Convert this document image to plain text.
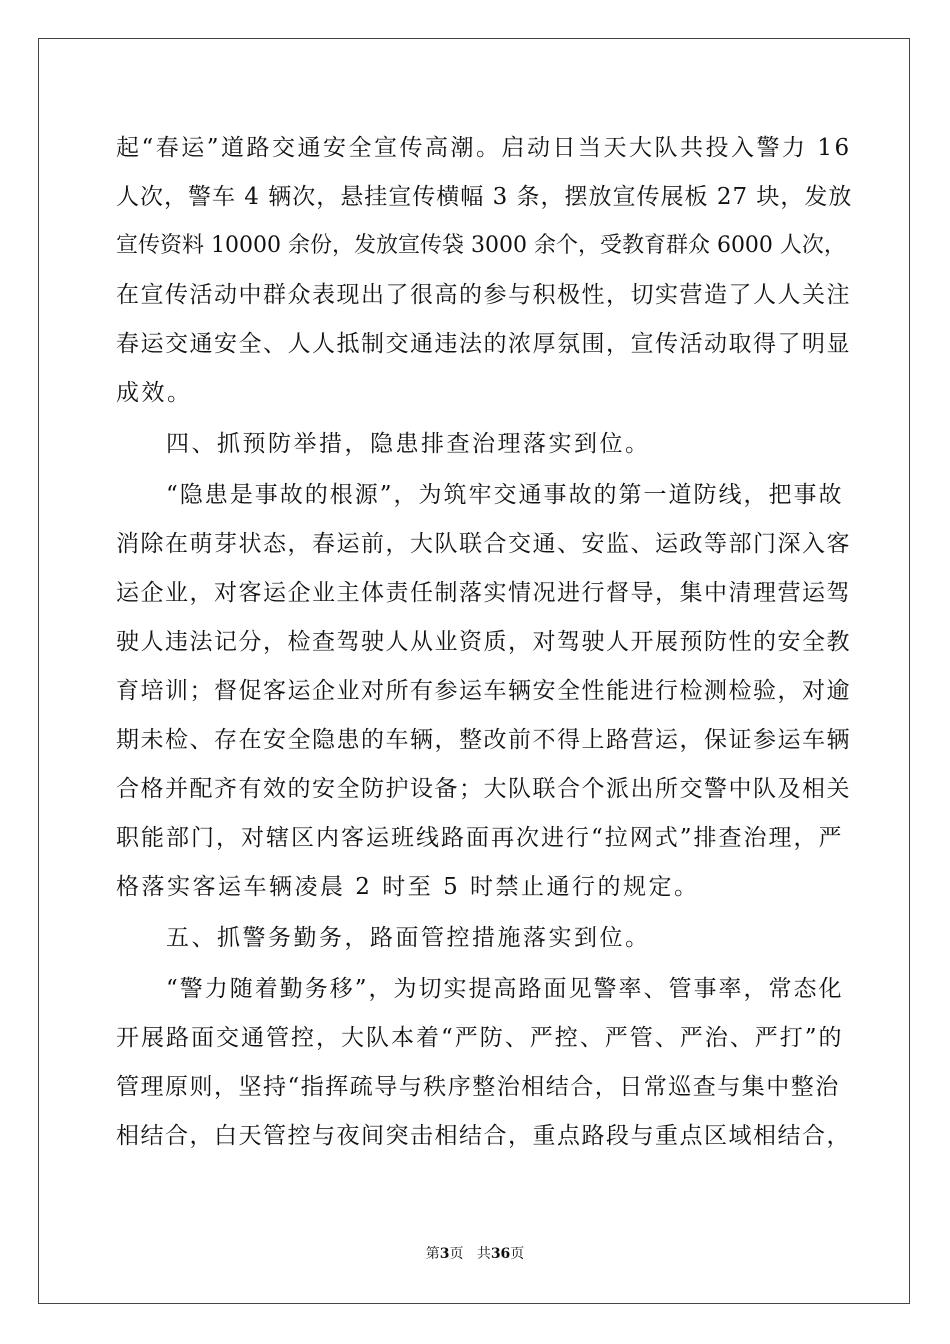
起“春运”道路交通安全宣传高潮。启动日当天大队共投入警力 16
人次，警车 4 辆次，悬挂宣传横幅 3 条，摆放宣传展板 27 块，发放
宣传资料 10000 余份，发放宣传袋 3000 余个，受教育群众 6000 人次，
在宣传活动中群众表现出了很高的参与积极性，切实营造了人人关注
春运交通安全、人人抵制交通违法的浓厚氛围，宣传活动取得了明显
成效。
四、抓预防举措，隐患排查治理落实到位。
“隐患是事故的根源”，为筑牢交通事故的第一道防线，把事故
消除在萌芽状态，春运前，大队联合交通、安监、运政等部门深入客
运企业，对客运企业主体责任制落实情况进行督导，集中清理营运驾
驶人违法记分，检查驾驶人从业资质，对驾驶人开展预防性的安全教
育培训；督促客运企业对所有参运车辆安全性能进行检测检验，对逾
期未检、存在安全隐患的车辆，整改前不得上路营运，保证参运车辆
合格并配齐有效的安全防护设备；大队联合个派出所交警中队及相关
职能部门，对辖区内客运班线路面再次进行“拉网式”排查治理，严
格落实客运车辆凌晨 2 时至 5 时禁止通行的规定。
五、抓警务勤务，路面管控措施落实到位。
“警力随着勤务移”，为切实提高路面见警率、管事率，常态化
开展路面交通管控，大队本着“严防、严控、严管、严治、严打”的
管理原则，坚持“指挥疏导与秩序整治相结合，日常巡查与集中整治
相结合，白天管控与夜间突击相结合，重点路段与重点区域相结合，
第3页 共36页
